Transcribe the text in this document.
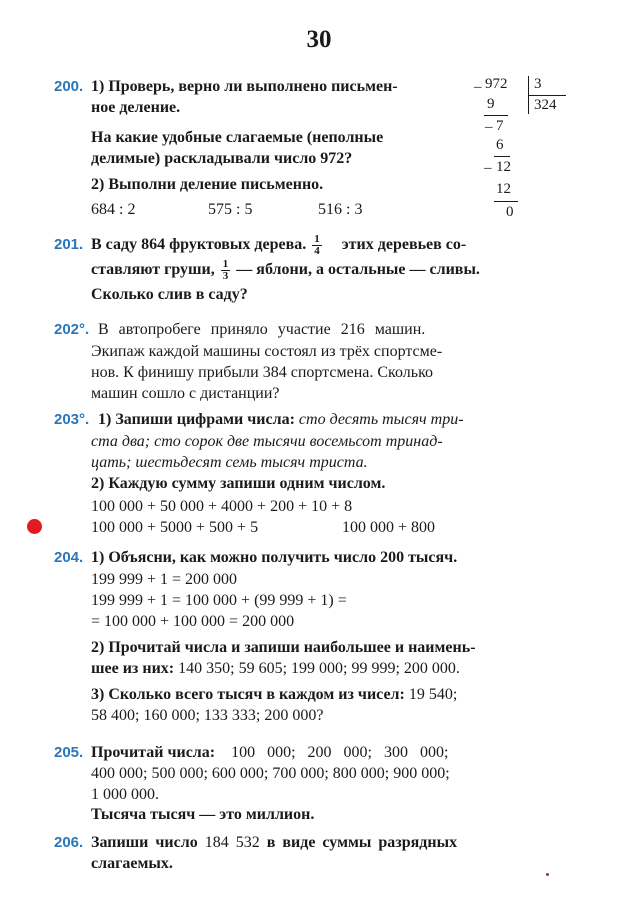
30
200. 1) Проверь, верно ли выполнено письмен-
ное деление.
На какие удобные слагаемые (неполные
делимые) раскладывали число 972?
2) Выполни деление письменно.
684 : 2	575 : 5	516 : 3
_ 972 3
9	324
_ 7
6
_ 12
12
0
201. В саду 864 фруктовых дерева. $\frac{1}{4}$ этих деревьев со-
ставляют груши, $\frac{1}{3}$ — яблони, а остальные — сливы.
Сколько слив в саду?
202°. В автопробеге приняло участие 216 машин.
Экипаж каждой машины состоял из трёх спортсме-
нов. К финишу прибыли 384 спортсмена. Сколько
машин сошло с дистанции?
203°. 1) Запиши цифрами числа: сто десять тысяч три-
ста два; сто сорок две тысячи восемьсот тринад-
цать; шестьдесят семь тысяч триста.
2) Каждую сумму запиши одним числом.
100 000 + 50 000 + 4000 + 200 + 10 + 8
100 000 + 5000 + 500 + 5	100 000 + 800
204. 1) Объясни, как можно получить число 200 тысяч.
199 999 + 1 = 200 000
199 999 + 1 = 100 000 + (99 999 + 1) =
= 100 000 + 100 000 = 200 000
2) Прочитай числа и запиши наибольшее и наимень-
шее из них: 140 350; 59 605; 199 000; 99 999; 200 000.
3) Сколько всего тысяч в каждом из чисел: 19 540;
58 400; 160 000; 133 333; 200 000?
205. Прочитай числа: 100 000; 200 000; 300 000;
400 000; 500 000; 600 000; 700 000; 800 000; 900 000;
1 000 000.
Тысяча тысяч — это миллион.
206. Запиши число 184 532 в виде суммы разрядных
слагаемых.
